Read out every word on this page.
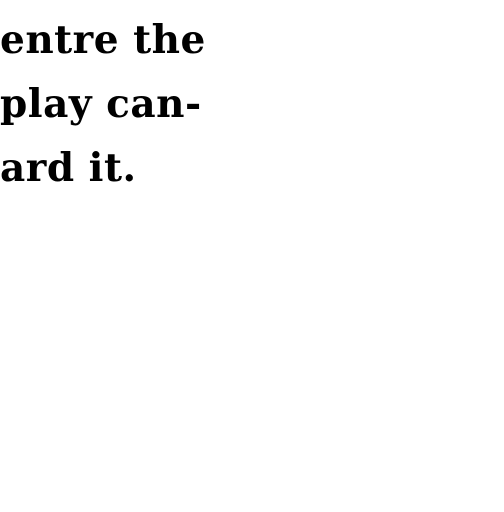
entre the
play can-
ard it.
